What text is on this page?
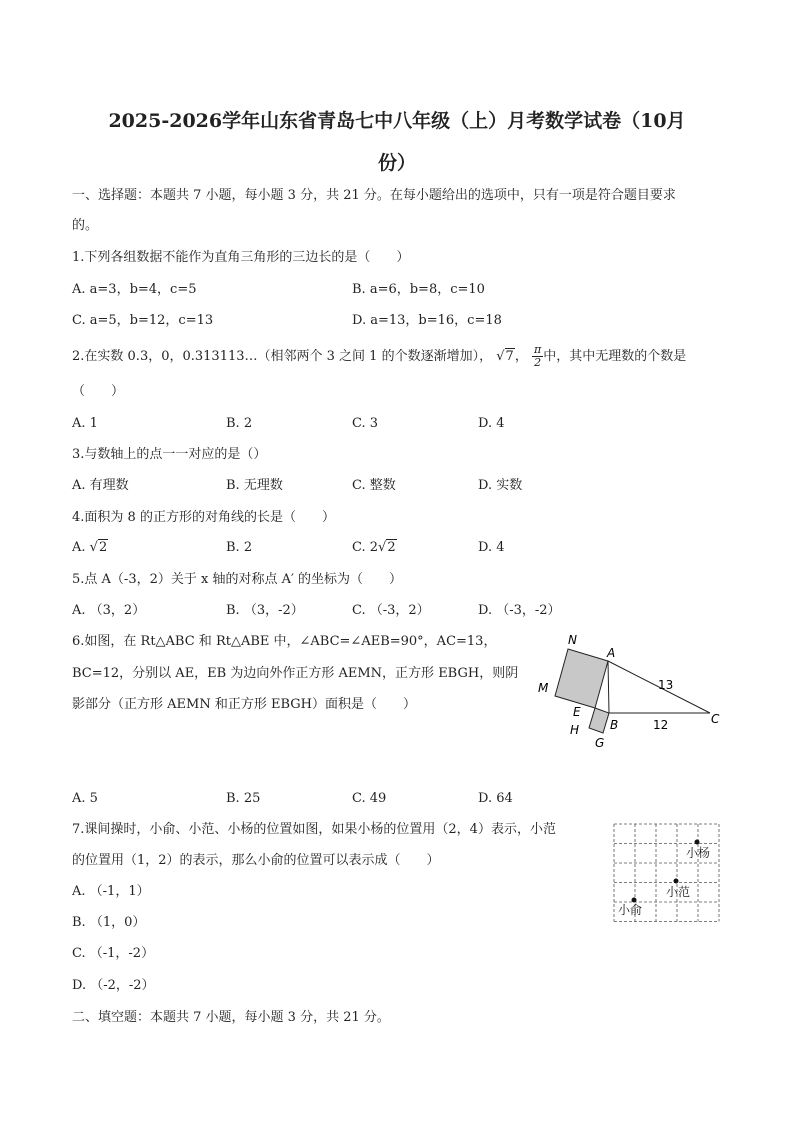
2025-2026学年山东省青岛七中八年级（上）月考数学试卷（10月
份）
一、选择题：本题共 7 小题，每小题 3 分，共 21 分。在每小题给出的选项中，只有一项是符合题目要求
的。
1.下列各组数据不能作为直角三角形的三边长的是（　　）
A. a=3，b=4，c=5	B. a=6，b=8，c=10
C. a=5，b=12，c=13	D. a=13，b=16，c=18
2.在实数 0.3，0，0.313113…（相邻两个 3 之间 1 的个数逐渐增加）， √7， $\frac{\pi}{2}$ 中，其中无理数的个数是
（　　）
A. 1	B. 2	C. 3	D. 4
3.与数轴上的点一一对应的是（）
A. 有理数	B. 无理数	C. 整数	D. 实数
4.面积为 8 的正方形的对角线的长是（　　）
A. √2	B. 2	C. 2√2	D. 4
5.点 A（-3，2）关于 x 轴的对称点 A′ 的坐标为（　　）
A. （3，2）	B. （3，-2）	C. （-3，2）	D. （-3，-2）
6.如图，在 Rt△ABC 和 Rt△ABE 中，∠ABC=∠AEB=90°，AC=13，
BC=12，分别以 AE，EB 为边向外作正方形 AEMN，正方形 EBGH，则阴
影部分（正方形 AEMN 和正方形 EBGH）面积是（　　）
N
A
M
E
B	C
H
G
13
12
A. 5	B. 25	C. 49	D. 64
7.课间操时，小俞、小范、小杨的位置如图，如果小杨的位置用（2，4）表示，小范
的位置用（1，2）的表示，那么小俞的位置可以表示成（　　）	小杨
小范
小俞
A. （-1，1）
B. （1，0）
C. （-1，-2）
D. （-2，-2）
二、填空题：本题共 7 小题，每小题 3 分，共 21 分。
